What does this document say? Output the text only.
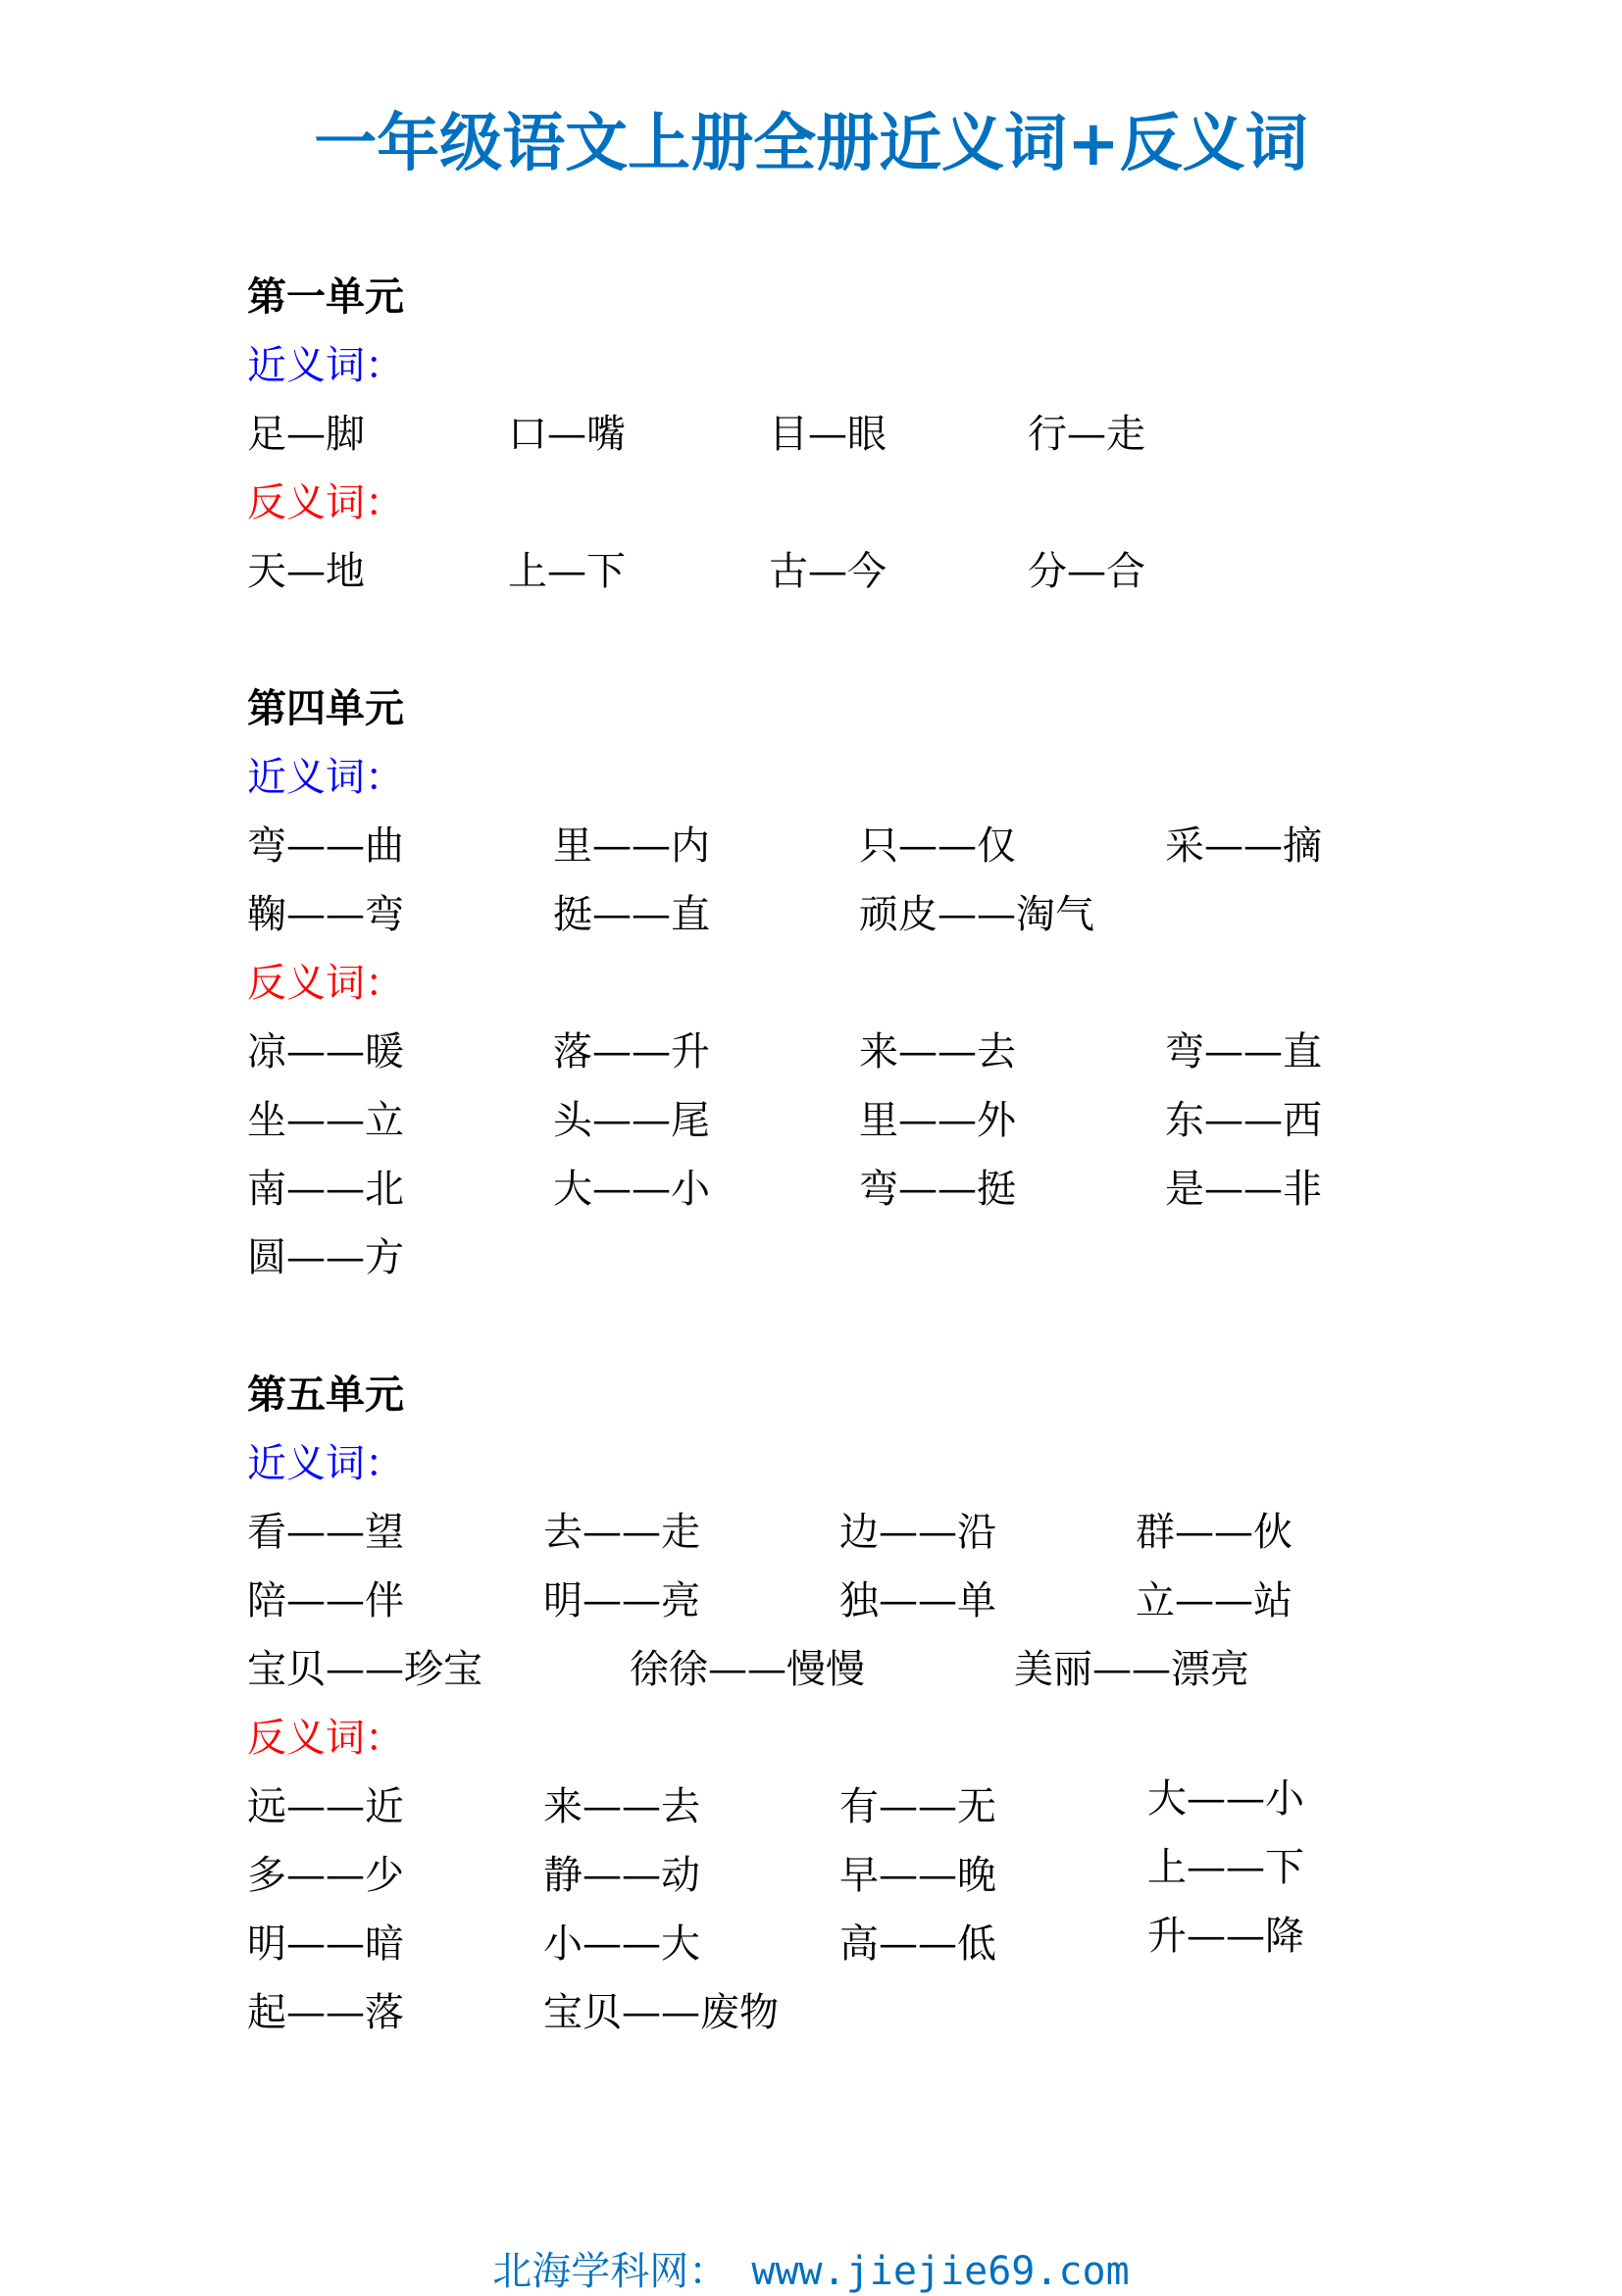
一年级语文上册全册近义词+反义词
第一单元
近义词：
足—脚	口—嘴	目—眼	行—走
反义词：
天—地	上—下	古—今	分—合
第四单元
近义词：
弯——曲	里——内	只——仅	采——摘
鞠——弯	挺——直	顽皮——淘气
反义词：
凉——暖	落——升	来——去	弯——直
坐——立	头——尾	里——外	东——西
南——北	大——小	弯——挺	是——非
圆——方
第五单元
近义词：
看——望	去——走	边——沿	群——伙
陪——伴	明——亮	独——单	立——站
宝贝——珍宝	徐徐——慢慢	美丽——漂亮
反义词：
远——近	来——去	有——无	大——小
多——少	静——动	早——晚	上——下
明——暗	小——大	高——低	升——降
起——落	宝贝——废物
北海学科网： www.jiejie69.com
